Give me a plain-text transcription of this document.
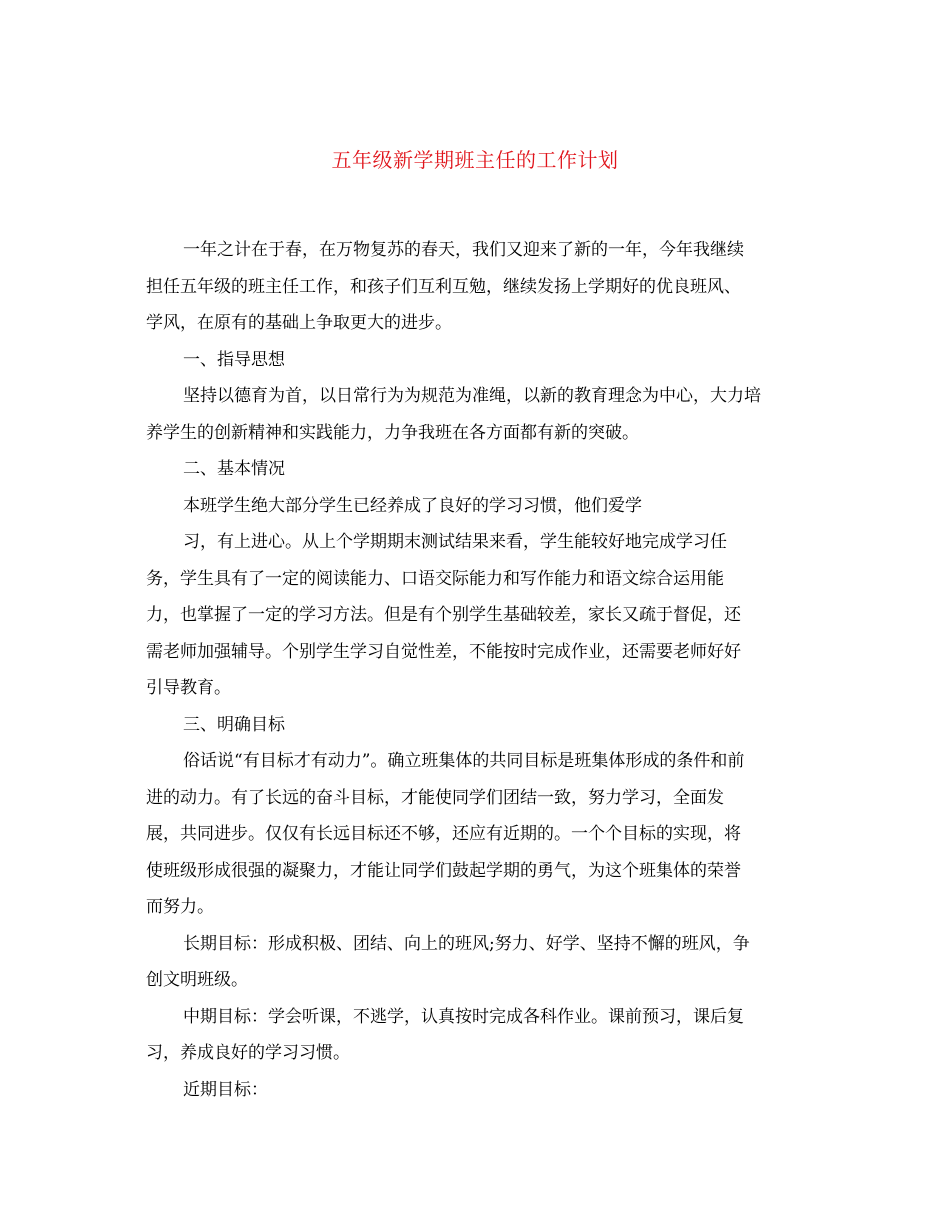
五年级新学期班主任的工作计划
一年之计在于春，在万物复苏的春天，我们又迎来了新的一年，今年我继续
担任五年级的班主任工作，和孩子们互利互勉，继续发扬上学期好的优良班风、
学风，在原有的基础上争取更大的进步。
一、指导思想
坚持以德育为首，以日常行为为规范为准绳，以新的教育理念为中心，大力培
养学生的创新精神和实践能力，力争我班在各方面都有新的突破。
二、基本情况
本班学生绝大部分学生已经养成了良好的学习习惯，他们爱学
习，有上进心。从上个学期期末测试结果来看，学生能较好地完成学习任
务，学生具有了一定的阅读能力、口语交际能力和写作能力和语文综合运用能
力，也掌握了一定的学习方法。但是有个别学生基础较差，家长又疏于督促，还
需老师加强辅导。个别学生学习自觉性差，不能按时完成作业，还需要老师好好
引导教育。
三、明确目标
俗话说“有目标才有动力”。确立班集体的共同目标是班集体形成的条件和前
进的动力。有了长远的奋斗目标，才能使同学们团结一致，努力学习，全面发
展，共同进步。仅仅有长远目标还不够，还应有近期的。一个个目标的实现，将
使班级形成很强的凝聚力，才能让同学们鼓起学期的勇气，为这个班集体的荣誉
而努力。
长期目标：形成积极、团结、向上的班风;努力、好学、坚持不懈的班风，争
创文明班级。
中期目标：学会听课，不逃学，认真按时完成各科作业。课前预习，课后复
习，养成良好的学习习惯。
近期目标：
